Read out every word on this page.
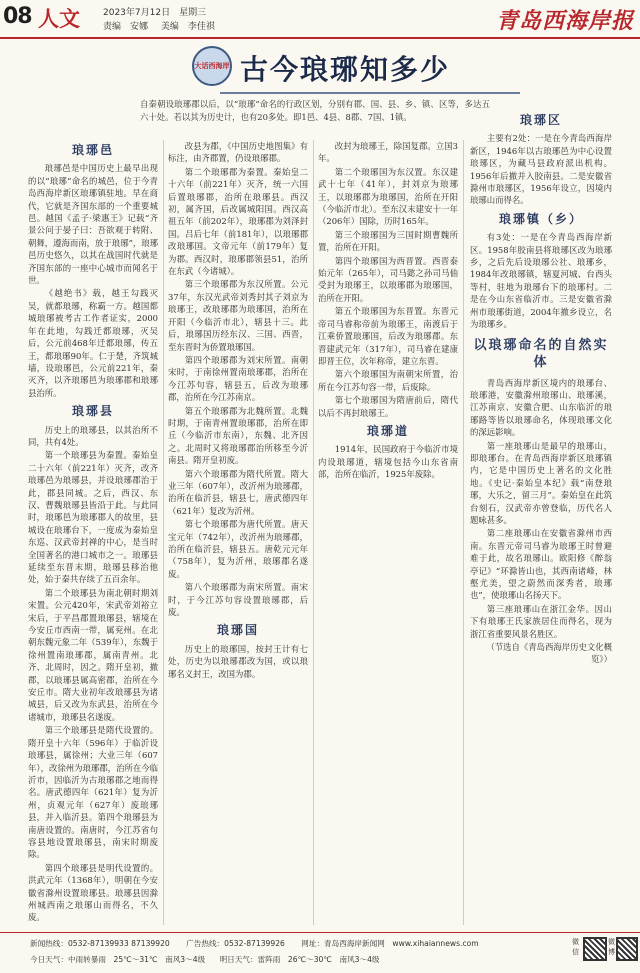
08 人文	2023年7月12日　星期三
责编　安娜 美编　李佳祺	青岛西海岸报
大话西海岸 古今琅琊知多少
自秦朝设琅琊郡以后，以“琅琊”命名的行政区划，分别有郡、国、县、乡、镇、区等，多达五六十处。若以其为历史计，也有20多处。即1邑、4县、8郡、7国、1镇。
琅琊邑

琅琊邑是中国历史上最早出现的以“琅琊”命名的城邑，位于今青岛西海岸新区琅琊镇驻地。早在商代，它就是齐国东部的一个重要城邑。越国《孟子·梁惠王》记载“齐景公问于晏子曰：吾欲观于转附、朝舞，遵海而南，放于琅琊”，琅琊邑历史悠久，以其在战国时代就是齐国东部的一座中心城市而闻名于世。

《越绝书》载，越王勾践灭吴，就都琅琊，称霸一方。越国都城琅琊被考古工作者证实，2000年在此地，勾践迁都琅琊，灭吴后，公元前468年迁都琅琊，传五王，都琅琊90年。仁于楚，齐筑城墙，设琅琊邑，公元前221年，秦灭齐，以齐琅琊邑为琅琊郡和琅琊县治所。

琅琊县

历史上的琅琊县，以其治所不同，共有4处。

第一个琅琊县为秦置。秦始皇二十六年（前221年）灭齐，改齐琅琊邑为琅琊县，并设琅琊郡治于此，郡县同城。之后，西汉、东汉、曹魏琅琊县皆沿于此。与此同时，琅琊邑为琅琊郡人的故里，县城设在琅琊台下，一度成为秦始皇东巡、汉武帝封禅的中心，是当时全国著名的港口城市之一。琅琊县延续至东晋末期，琅琊县移治他处，始于秦共存续了五百余年。

第二个琅琊县为南北朝时期刘宋置。公元420年，宋武帝刘裕立宋后，于平昌郡置琅琊县，辖境在今安丘市西南一带，属兖州。在北朝东魏元象二年（539年），东魏于徐州置南琅琊郡，属南青州。北齐、北周时，因之。隋开皇初，撤郡，以琅琊县属高密郡，治所在今安丘市。隋大业初年改琅琊县为诸城县，后又改为东武县，治所在今诸城市，琅琊县名遂废。

第三个琅琊县是隋代设置的。隋开皇十六年（596年）于临沂设琅琊县，属徐州；大业三年（607年），改徐州为琅琊郡，治所在今临沂市，因临沂为古琅琊郡之地而得名。唐武德四年（621年）复为沂州，贞观元年（627年）废琅琊县，并入临沂县。第四个琅琊县为南唐设置的。南唐时，今江苏省句容县地设置琅琊县，南宋时期废除。

第四个琅琊县是明代设置的。洪武元年（1368年），明朝在今安徽省滁州设置琅琊县。琅琊县因滁州城西南之琅琊山而得名，不久废。

改县为郡，《中国历史地图集》有标注，由齐郡置，仍设琅琊郡。

第二个琅琊郡为秦置。秦始皇二十六年（前221年）灭齐，统一六国后置琅琊郡，治所在琅琊县。西汉初，属齐国，后改属城阳国。西汉高祖五年（前202年），琅琊郡为刘泽封国。吕后七年（前181年），以琅琊郡改琅琊国。文帝元年（前179年）复为郡。西汉时，琅琊郡领县51，治所在东武（今诸城）。

第三个琅琊郡为东汉所置。公元37年，东汉光武帝刘秀封其子刘京为琅琊王，改琅琊郡为琅琊国，治所在开阳（今临沂市北），辖县十三。此后，琅琊国历经东汉、三国、西晋，至东晋时为侨置琅琊国。

第四个琅琊郡为刘宋所置。南朝宋时，于南徐州置南琅琊郡，治所在今江苏句容，辖县五，后改为琅琊郡，治所在今江苏南京。

第五个琅琊郡为北魏所置。北魏时期，于南青州置琅琊郡，治所在即丘（今临沂市东南），东魏、北齐因之。北周时又将琅琊郡治所移至今沂南县。隋开皇初废。

第六个琅琊郡为隋代所置。隋大业三年（607年），改沂州为琅琊郡，治所在临沂县，辖县七，唐武德四年（621年）复改为沂州。

第七个琅琊郡为唐代所置。唐天宝元年（742年），改沂州为琅琊郡，治所在临沂县，辖县五。唐乾元元年（758年），复为沂州，琅琊郡名遂废。

第八个琅琊郡为南宋所置。南宋时，于今江苏句容设置琅琊郡，后废。

琅琊国

历史上的琅琊国，按封王计有七处，历史为以琅琊郡改为国，或以琅琊名义封王，改国为郡。

改封为琅琊王，除国复郡。立国3年。

第二个琅琊国为东汉置。东汉建武十七年（41年），封刘京为琅琊王，以琅琊郡为琅琊国，治所在开阳（今临沂市北）。至东汉末建安十一年（206年）国除，历时165年。

第三个琅琊国为三国时期曹魏所置，治所在开阳。

第四个琅琊国为西晋置。西晋泰始元年（265年），司马懿之孙司马伷受封为琅琊王，以琅琊郡为琅琊国，治所在开阳。

第五个琅琊国为东晋置。东晋元帝司马睿称帝前为琅琊王，南渡后于江乘侨置琅琊国，后改为琅琊郡。东晋建武元年（317年），司马睿在建康即晋王位，次年称帝，建立东晋。

第六个琅琊国为南朝宋所置，治所在今江苏句容一带，后废除。

第七个琅琊国为隋唐前后，隋代以后不再封琅琊王。

琅琊道

1914年，民国政府于今临沂市境内设琅琊道，辖境包括今山东省南部，治所在临沂，1925年废除。

琅琊区

主要有2处：一是在今青岛西海岸新区，1946年以古琅琊邑为中心设置琅琊区，为藏马县政府派出机构。1956年后撤并入胶南县。二是安徽省滁州市琅琊区，1956年设立，因境内琅琊山而得名。

琅琊镇（乡）

有3处：一是在今青岛西海岸新区。1958年胶南县将琅琊区改为琅琊乡，之后先后设琅琊公社、琅琊乡，1984年改琅琊镇，辖夏河城、台西头等村，驻地为琅琊台下的琅琊村。二是在今山东省临沂市。三是安徽省滁州市琅琊街道，2004年撤乡设立，名为琅琊乡。

以琅琊命名的自然实体

青岛西海岸新区境内的琅琊台、琅琊港，安徽滁州琅琊山、琅琊溪，江苏南京、安徽合肥、山东临沂的琅琊路等皆以琅琊命名，体现琅琊文化的深远影响。

第一座琅琊山是最早的琅琊山，即琅琊台。在青岛西海岸新区琅琊镇内，它是中国历史上著名的文化胜地。《史记·秦始皇本纪》载“南登琅琊，大乐之，留三月”。秦始皇在此筑台刻石，汉武帝亦曾登临，历代名人题咏甚多。

第二座琅琊山在安徽省滁州市西南。东晋元帝司马睿为琅琊王时曾避难于此，故名琅琊山。欧阳修《醉翁亭记》“环滁皆山也，其西南诸峰，林壑尤美，望之蔚然而深秀者，琅琊也”，使琅琊山名扬天下。

第三座琅琊山在浙江金华。因山下有琅琊王氏家族居住而得名，现为浙江省重要风景名胜区。

（节选自《青岛西海岸历史文化概览》）

新闻热线：0532-87139933 87139920 广告热线：0532-87139926 网址：青岛西海岸新闻网　www.xihaiannews.com
今日天气：中雨转暴雨　25℃～31℃　南风3～4级 明日天气：雷阵雨　26℃～30℃　南风3～4级
微信
微博
